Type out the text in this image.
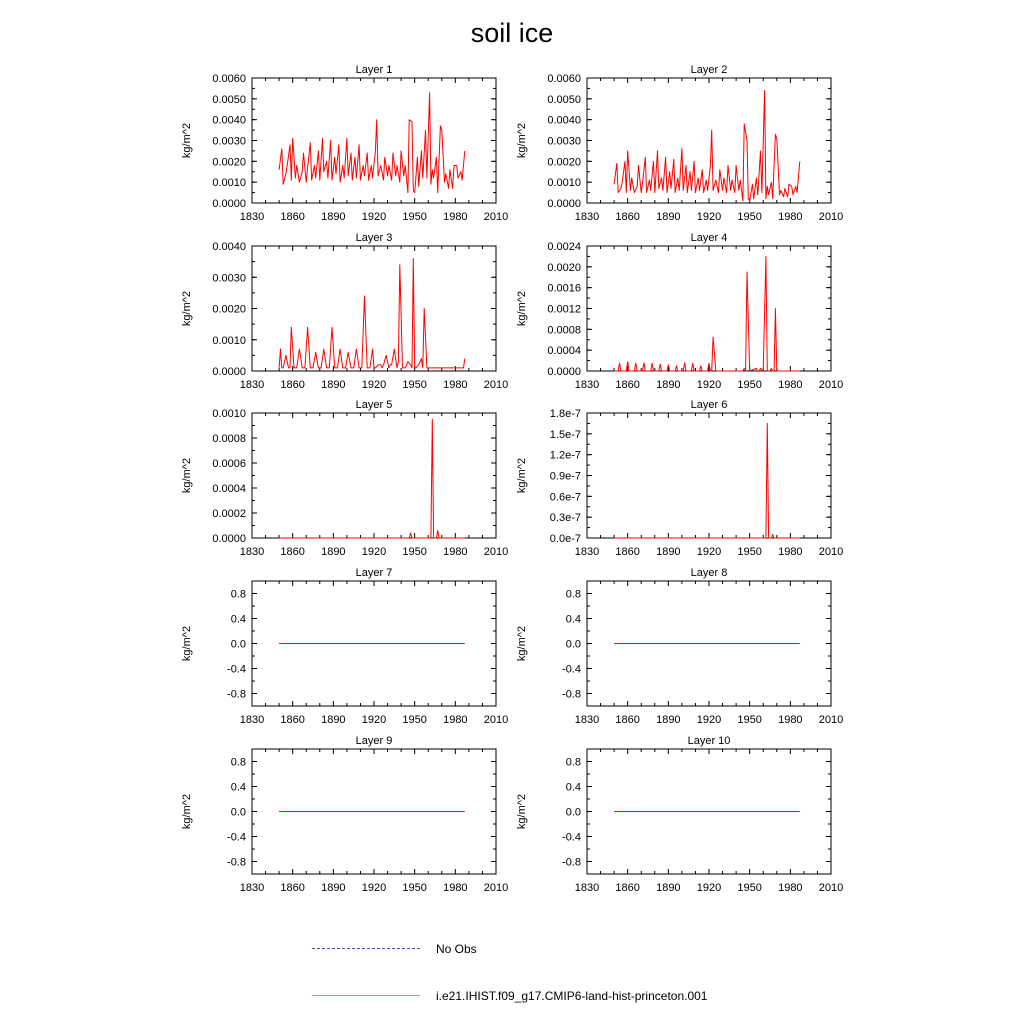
soil ice
Layer 1
kg/m^2
1830 1860 1890 1920 1950 1980 2010
0.0000
0.0010
0.0020
0.0030
0.0040
0.0050
0.0060
Layer 2
kg/m^2
1830 1860 1890 1920 1950 1980 2010
0.0000
0.0010
0.0020
0.0030
0.0040
0.0050
0.0060
Layer 3
kg/m^2
1830 1860 1890 1920 1950 1980 2010
0.0000
0.0010
0.0020
0.0030
0.0040
Layer 4
kg/m^2
1830 1860 1890 1920 1950 1980 2010
0.0000
0.0004
0.0008
0.0012
0.0016
0.0020
0.0024
Layer 5
kg/m^2
1830 1860 1890 1920 1950 1980 2010
0.0000
0.0002
0.0004
0.0006
0.0008
0.0010
Layer 6
kg/m^2
1830 1860 1890 1920 1950 1980 2010
0.0e-7
0.3e-7
0.6e-7
0.9e-7
1.2e-7
1.5e-7
1.8e-7
Layer 7
kg/m^2
1830 1860 1890 1920 1950 1980 2010
-0.8
-0.4
0.0
0.4
0.8
Layer 8
kg/m^2
1830 1860 1890 1920 1950 1980 2010
-0.8
-0.4
0.0
0.4
0.8
Layer 9
kg/m^2
1830 1860 1890 1920 1950 1980 2010
-0.8
-0.4
0.0
0.4
0.8
Layer 10
kg/m^2
1830 1860 1890 1920 1950 1980 2010
-0.8
-0.4
0.0
0.4
0.8
No Obs
i.e21.IHIST.f09_g17.CMIP6-land-hist-princeton.001
